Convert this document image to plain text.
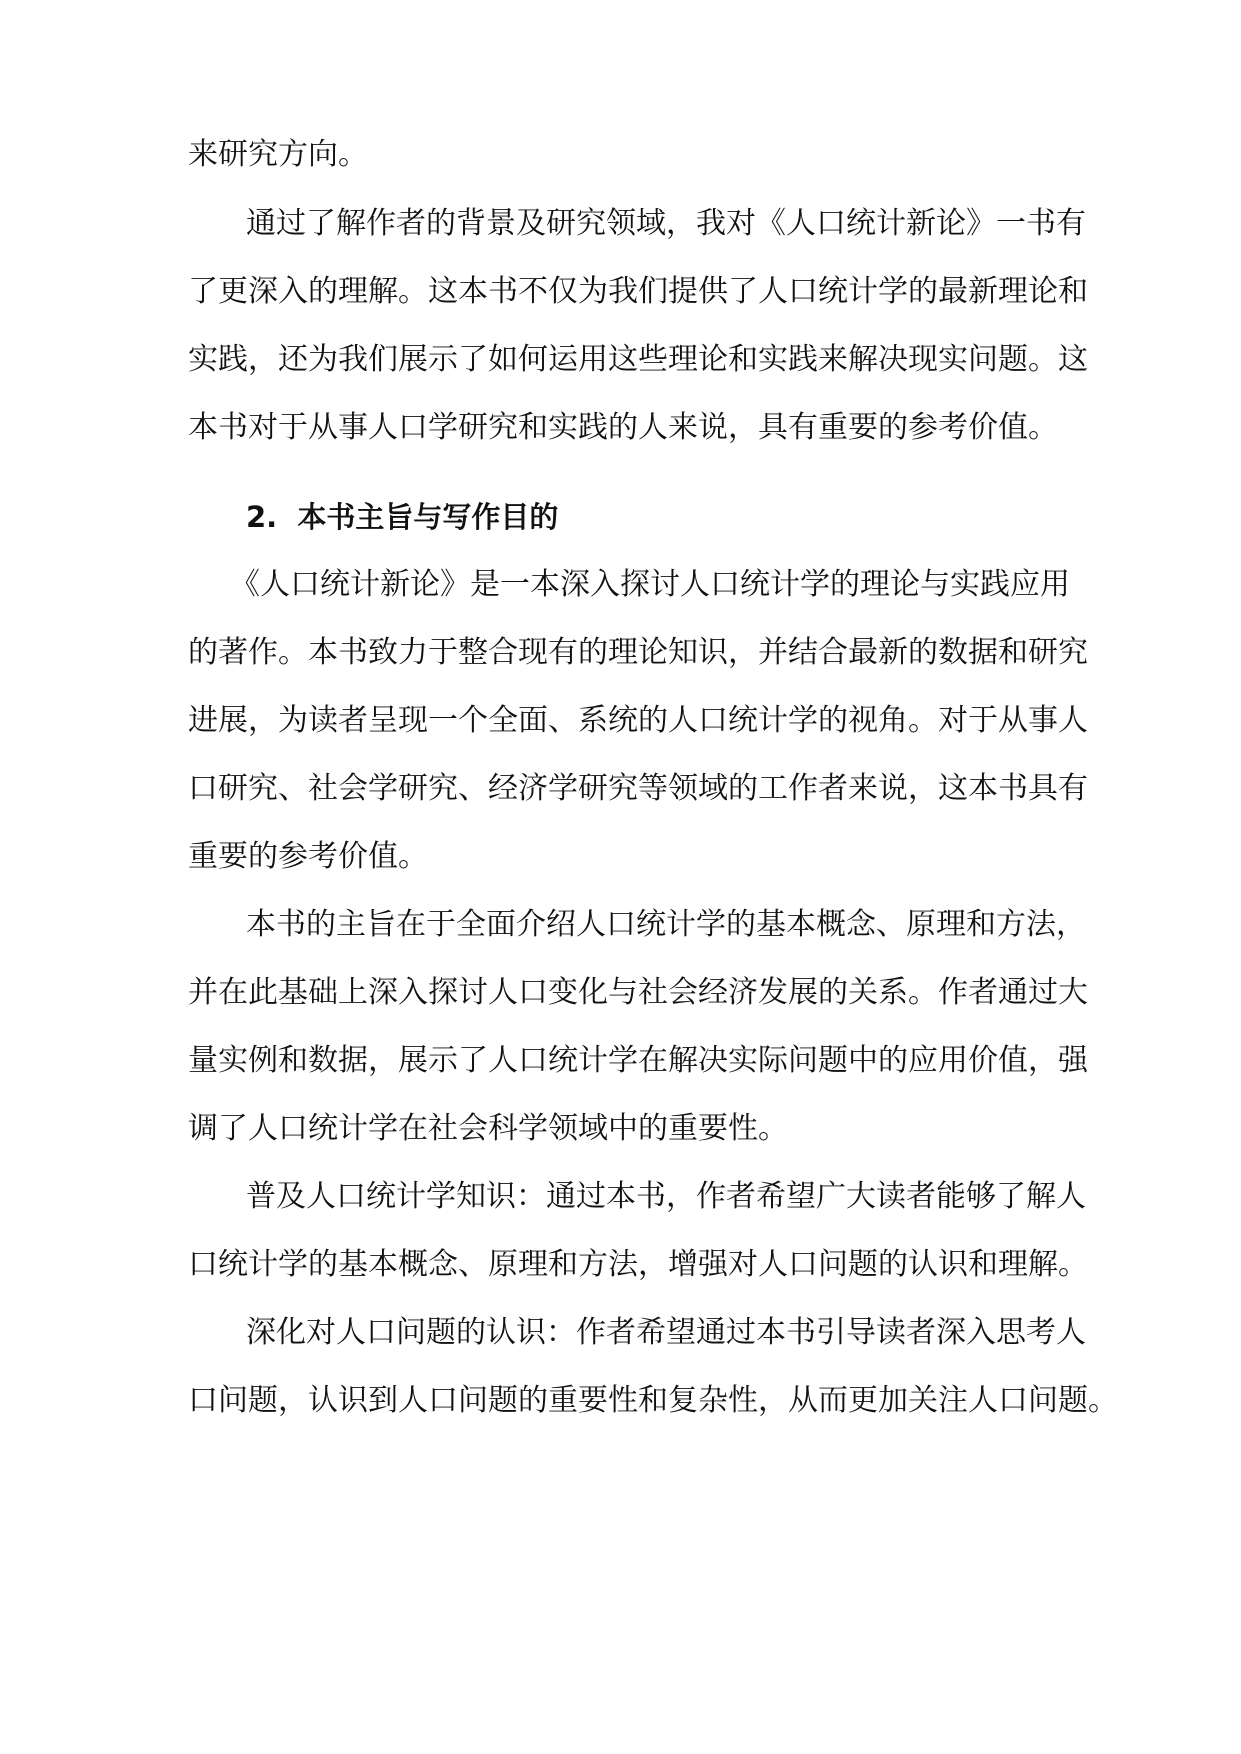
来研究方向。

通过了解作者的背景及研究领域，我对《人口统计新论》一书有

了更深入的理解。这本书不仅为我们提供了人口统计学的最新理论和

实践，还为我们展示了如何运用这些理论和实践来解决现实问题。这

本书对于从事人口学研究和实践的人来说，具有重要的参考价值。

2. 本书主旨与写作目的

《人口统计新论》是一本深入探讨人口统计学的理论与实践应用

的著作。本书致力于整合现有的理论知识，并结合最新的数据和研究

进展，为读者呈现一个全面、系统的人口统计学的视角。对于从事人

口研究、社会学研究、经济学研究等领域的工作者来说，这本书具有

重要的参考价值。

本书的主旨在于全面介绍人口统计学的基本概念、原理和方法，

并在此基础上深入探讨人口变化与社会经济发展的关系。作者通过大

量实例和数据，展示了人口统计学在解决实际问题中的应用价值，强

调了人口统计学在社会科学领域中的重要性。

普及人口统计学知识：通过本书，作者希望广大读者能够了解人

口统计学的基本概念、原理和方法，增强对人口问题的认识和理解。

深化对人口问题的认识：作者希望通过本书引导读者深入思考人

口问题，认识到人口问题的重要性和复杂性，从而更加关注人口问题。
